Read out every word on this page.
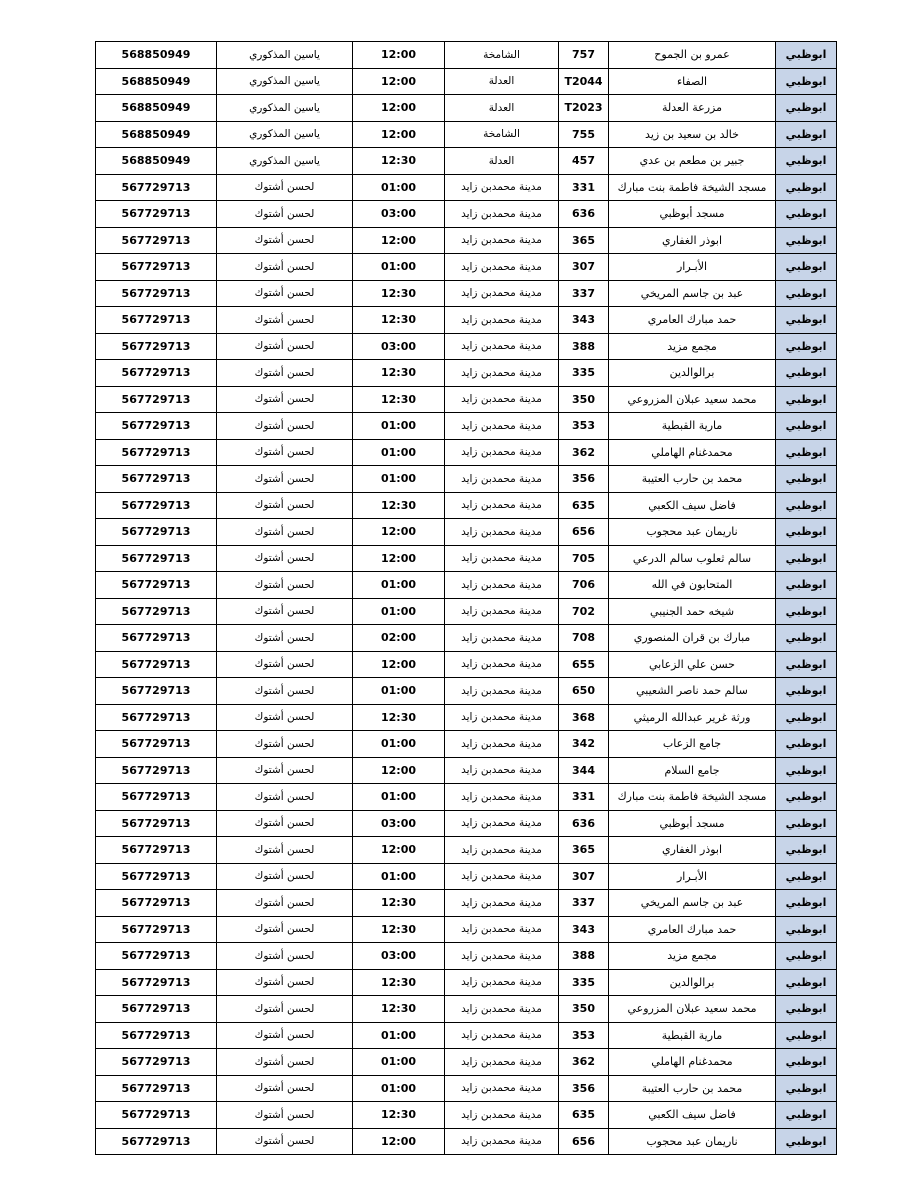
ابوظبي	عمرو بن الجموح	757	الشامخة	12:00	ياسين المذكوري	568850949
ابوظبي	الصفاء	T2044	العدلة	12:00	ياسين المذكوري	568850949
ابوظبي	مزرعة العدلة	T2023	العدلة	12:00	ياسين المذكوري	568850949
ابوظبي	خالد بن سعيد بن زيد	755	الشامخة	12:00	ياسين المذكوري	568850949
ابوظبي	جبير بن مطعم بن عدي	457	العدلة	12:30	ياسين المذكوري	568850949
ابوظبي	مسجد الشيخة فاطمة بنت مبارك	331	مدينة محمدبن زايد	01:00	لحسن أشتوك	567729713
ابوظبي	مسجد أبوظبي	636	مدينة محمدبن زايد	03:00	لحسن أشتوك	567729713
ابوظبي	ابوذر الغفاري	365	مدينة محمدبن زايد	12:00	لحسن أشتوك	567729713
ابوظبي	الأبـرار	307	مدينة محمدبن زايد	01:00	لحسن أشتوك	567729713
ابوظبي	عبد بن جاسم المريخي	337	مدينة محمدبن زايد	12:30	لحسن أشتوك	567729713
ابوظبي	حمد مبارك العامري	343	مدينة محمدبن زايد	12:30	لحسن أشتوك	567729713
ابوظبي	مجمع مزيد	388	مدينة محمدبن زايد	03:00	لحسن أشتوك	567729713
ابوظبي	برالوالدين	335	مدينة محمدبن زايد	12:30	لحسن أشتوك	567729713
ابوظبي	محمد سعيد عبلان المزروعي	350	مدينة محمدبن زايد	12:30	لحسن أشتوك	567729713
ابوظبي	مارية القبطية	353	مدينة محمدبن زايد	01:00	لحسن أشتوك	567729713
ابوظبي	محمدغنام الهاملي	362	مدينة محمدبن زايد	01:00	لحسن أشتوك	567729713
ابوظبي	محمد بن حارب العتيبة	356	مدينة محمدبن زايد	01:00	لحسن أشتوك	567729713
ابوظبي	فاضل سيف الكعبي	635	مدينة محمدبن زايد	12:30	لحسن أشتوك	567729713
ابوظبي	ناريمان عبد محجوب	656	مدينة محمدبن زايد	12:00	لحسن أشتوك	567729713
ابوظبي	سالم ثعلوب سالم الدرعي	705	مدينة محمدبن زايد	12:00	لحسن أشتوك	567729713
ابوظبي	المتحابون في الله	706	مدينة محمدبن زايد	01:00	لحسن أشتوك	567729713
ابوظبي	شيخه حمد الجنيبي	702	مدينة محمدبن زايد	01:00	لحسن أشتوك	567729713
ابوظبي	مبارك بن قران المنصوري	708	مدينة محمدبن زايد	02:00	لحسن أشتوك	567729713
ابوظبي	حسن علي الزعابي	655	مدينة محمدبن زايد	12:00	لحسن أشتوك	567729713
ابوظبي	سالم حمد ناصر الشعيبي	650	مدينة محمدبن زايد	01:00	لحسن أشتوك	567729713
ابوظبي	ورثة غرير عبدالله الرميثي	368	مدينة محمدبن زايد	12:30	لحسن أشتوك	567729713
ابوظبي	جامع الزعاب	342	مدينة محمدبن زايد	01:00	لحسن أشتوك	567729713
ابوظبي	جامع السلام	344	مدينة محمدبن زايد	12:00	لحسن أشتوك	567729713
ابوظبي	مسجد الشيخة فاطمة بنت مبارك	331	مدينة محمدبن زايد	01:00	لحسن أشتوك	567729713
ابوظبي	مسجد أبوظبي	636	مدينة محمدبن زايد	03:00	لحسن أشتوك	567729713
ابوظبي	ابوذر الغفاري	365	مدينة محمدبن زايد	12:00	لحسن أشتوك	567729713
ابوظبي	الأبـرار	307	مدينة محمدبن زايد	01:00	لحسن أشتوك	567729713
ابوظبي	عبد بن جاسم المريخي	337	مدينة محمدبن زايد	12:30	لحسن أشتوك	567729713
ابوظبي	حمد مبارك العامري	343	مدينة محمدبن زايد	12:30	لحسن أشتوك	567729713
ابوظبي	مجمع مزيد	388	مدينة محمدبن زايد	03:00	لحسن أشتوك	567729713
ابوظبي	برالوالدين	335	مدينة محمدبن زايد	12:30	لحسن أشتوك	567729713
ابوظبي	محمد سعيد عبلان المزروعي	350	مدينة محمدبن زايد	12:30	لحسن أشتوك	567729713
ابوظبي	مارية القبطية	353	مدينة محمدبن زايد	01:00	لحسن أشتوك	567729713
ابوظبي	محمدغنام الهاملي	362	مدينة محمدبن زايد	01:00	لحسن أشتوك	567729713
ابوظبي	محمد بن حارب العتيبة	356	مدينة محمدبن زايد	01:00	لحسن أشتوك	567729713
ابوظبي	فاضل سيف الكعبي	635	مدينة محمدبن زايد	12:30	لحسن أشتوك	567729713
ابوظبي	ناريمان عبد محجوب	656	مدينة محمدبن زايد	12:00	لحسن أشتوك	567729713
